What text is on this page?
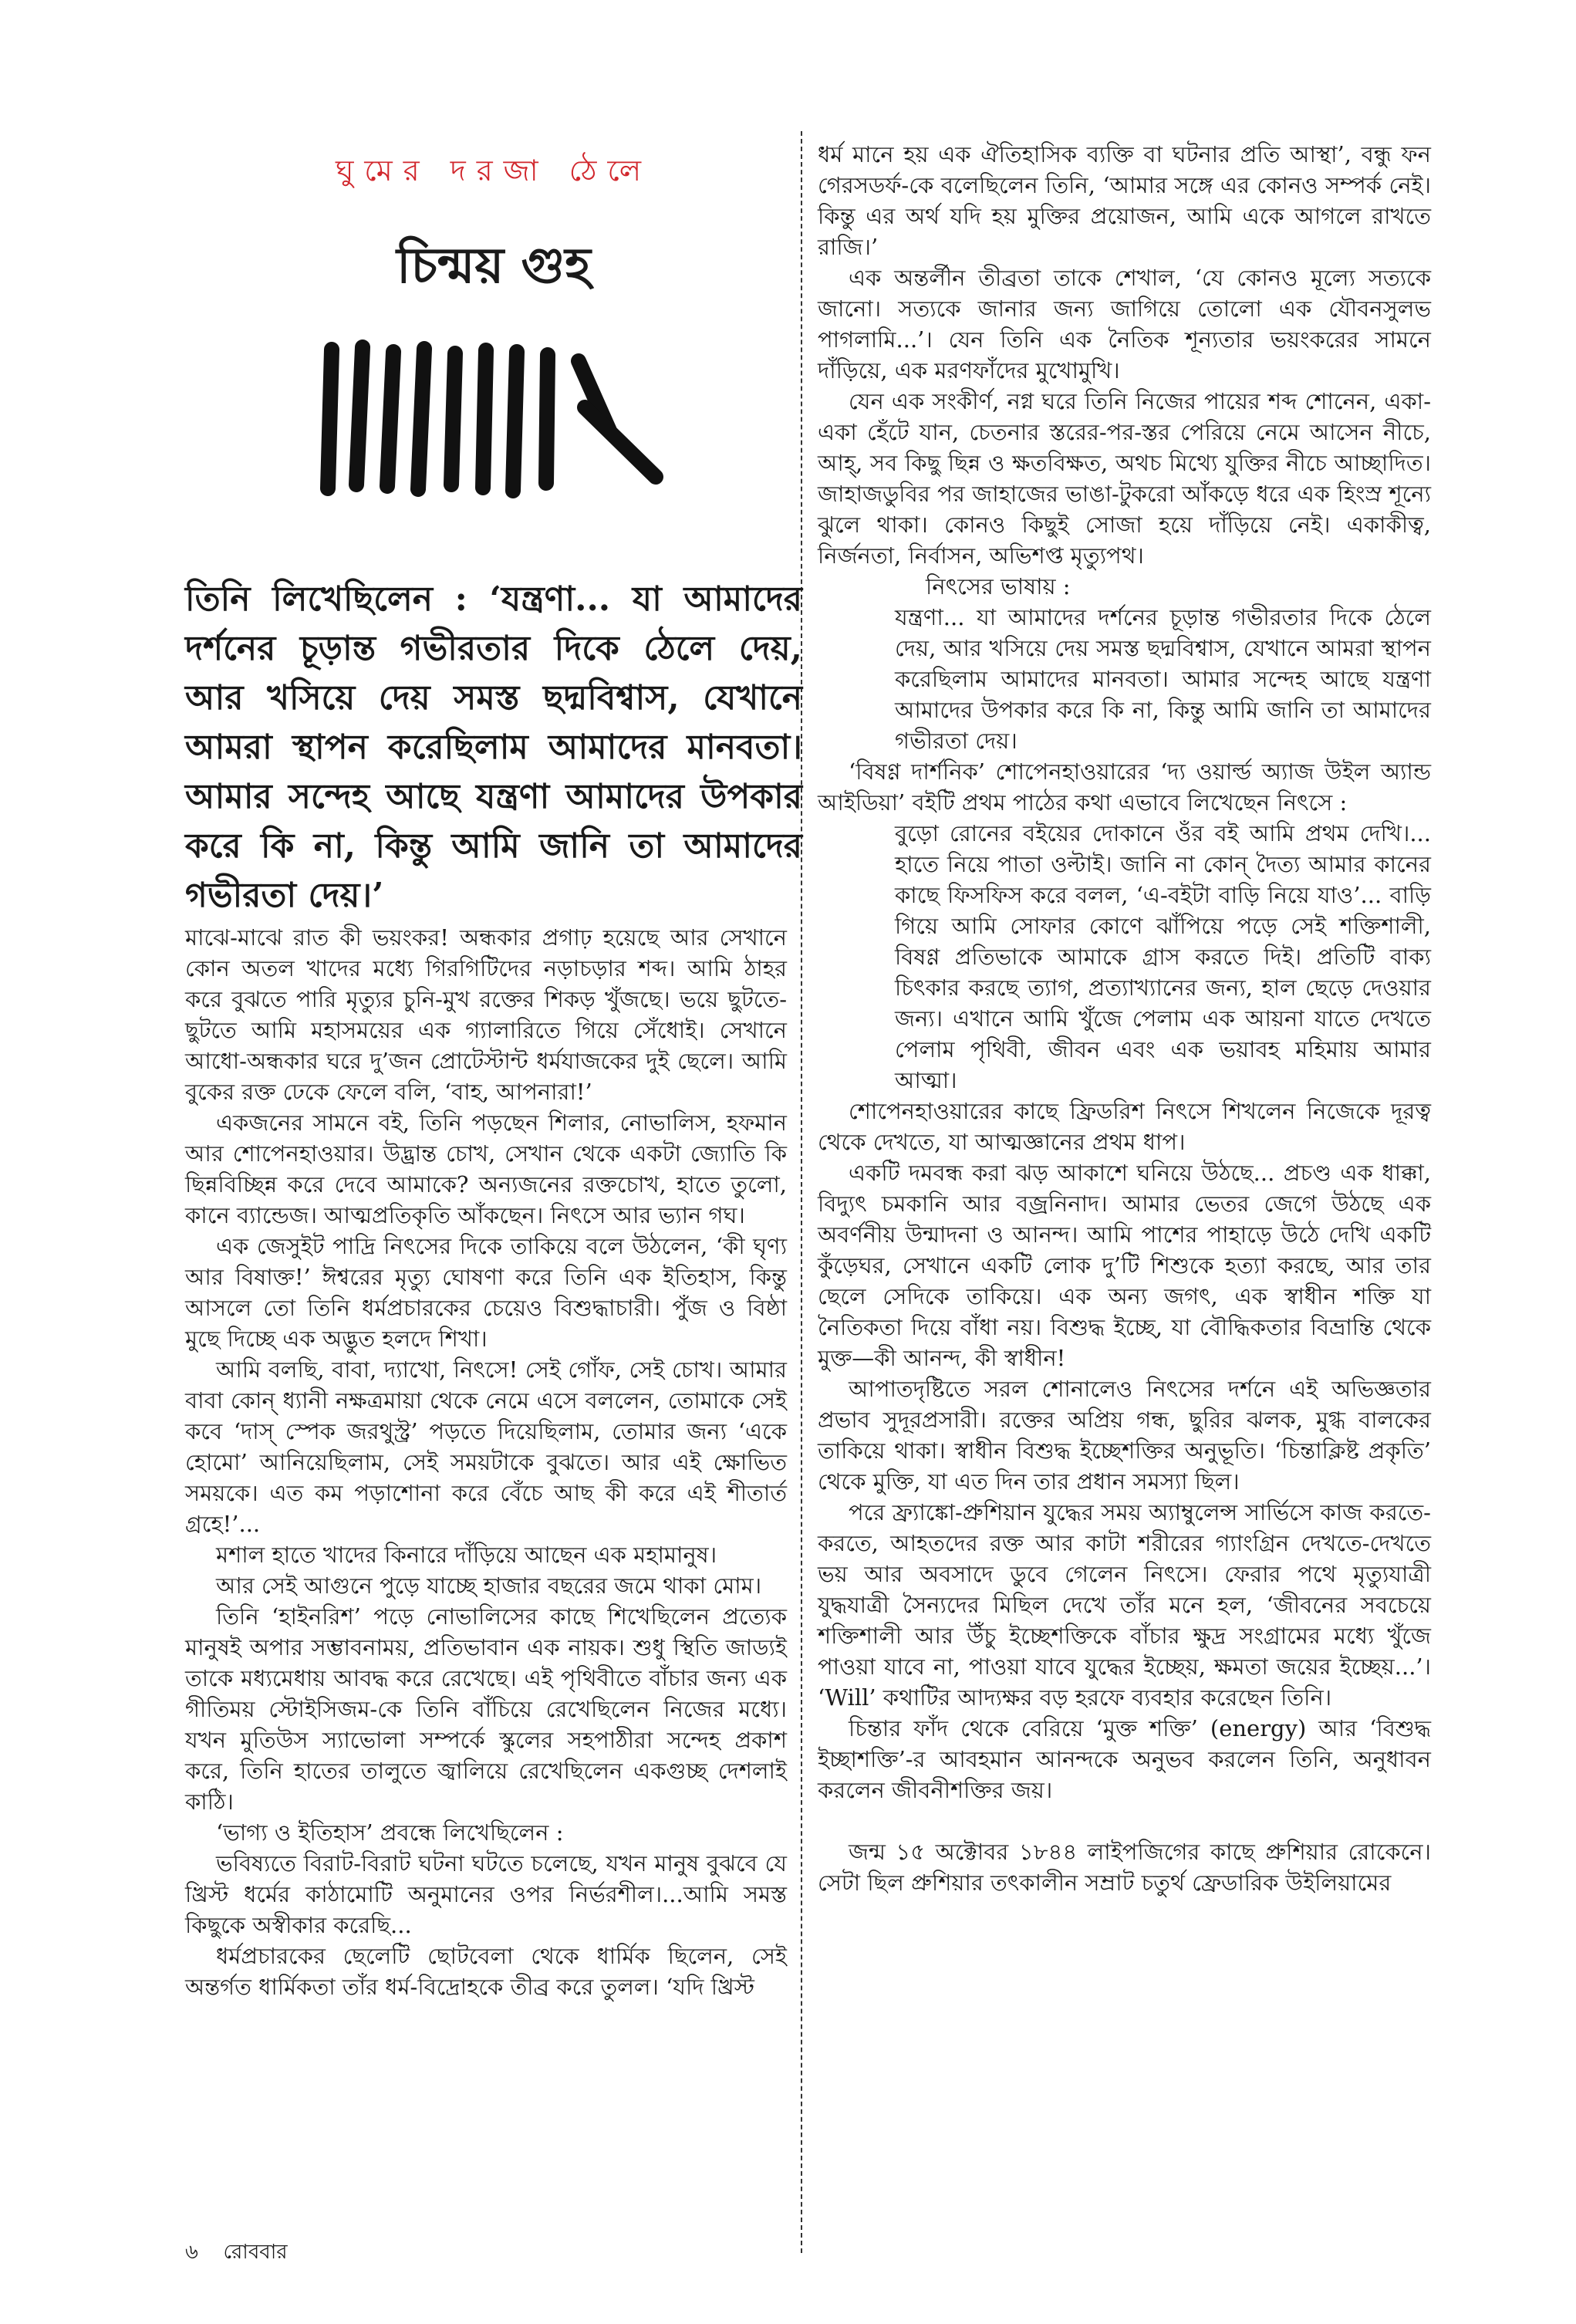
ঘুমের দরজা ঠেলে
চিন্ময় গুহ
তিনি লিখেছিলেন : ‘যন্ত্রণা... যা আমাদের দর্শনের চূড়ান্ত গভীরতার দিকে ঠেলে দেয়, আর খসিয়ে দেয় সমস্ত ছদ্মবিশ্বাস, যেখানে আমরা স্থাপন করেছিলাম আমাদের মানবতা। আমার সন্দেহ আছে যন্ত্রণা আমাদের উপকার করে কি না, কিন্তু আমি জানি তা আমাদের গভীরতা দেয়।’

মাঝে-মাঝে রাত কী ভয়ংকর! অন্ধকার প্রগাঢ় হয়েছে আর সেখানে কোন অতল খাদের মধ্যে গিরগিটিদের নড়াচড়ার শব্দ। আমি ঠাহর করে বুঝতে পারি মৃত্যুর চুনি-মুখ রক্তের শিকড় খুঁজছে। ভয়ে ছুটতে-ছুটতে আমি মহাসময়ের এক গ্যালারিতে গিয়ে সেঁধোই। সেখানে আধো-অন্ধকার ঘরে দু’জন প্রোটেস্টান্ট ধর্মযাজকের দুই ছেলে। আমি বুকের রক্ত ঢেকে ফেলে বলি, ‘বাহ, আপনারা!’

একজনের সামনে বই, তিনি পড়ছেন শিলার, নোভালিস, হফমান আর শোপেনহাওয়ার। উদ্ভ্রান্ত চোখ, সেখান থেকে একটা জ্যোতি কি ছিন্নবিচ্ছিন্ন করে দেবে আমাকে? অন্যজনের রক্তচোখ, হাতে তুলো, কানে ব্যান্ডেজ। আত্মপ্রতিকৃতি আঁকছেন। নিৎসে আর ভ্যান গঘ।

এক জেসুইট পাদ্রি নিৎসের দিকে তাকিয়ে বলে উঠলেন, ‘কী ঘৃণ্য আর বিষাক্ত!’ ঈশ্বরের মৃত্যু ঘোষণা করে তিনি এক ইতিহাস, কিন্তু আসলে তো তিনি ধর্মপ্রচারকের চেয়েও বিশুদ্ধাচারী। পুঁজ ও বিষ্ঠা মুছে দিচ্ছে এক অদ্ভুত হলদে শিখা।

আমি বলছি, বাবা, দ্যাখো, নিৎসে! সেই গোঁফ, সেই চোখ। আমার বাবা কোন্ ধ্যানী নক্ষত্রমায়া থেকে নেমে এসে বললেন, তোমাকে সেই কবে ‘দাস্ স্পেক জরথুস্ট্র’ পড়তে দিয়েছিলাম, তোমার জন্য ‘একে হোমো’ আনিয়েছিলাম, সেই সময়টাকে বুঝতে। আর এই ক্ষোভিত সময়কে। এত কম পড়াশোনা করে বেঁচে আছ কী করে এই শীতার্ত গ্রহে!’...

মশাল হাতে খাদের কিনারে দাঁড়িয়ে আছেন এক মহামানুষ।

আর সেই আগুনে পুড়ে যাচ্ছে হাজার বছরের জমে থাকা মোম।

তিনি ‘হাইনরিশ’ পড়ে নোভালিসের কাছে শিখেছিলেন প্রত্যেক মানুষই অপার সম্ভাবনাময়, প্রতিভাবান এক নায়ক। শুধু স্থিতি জাড্যই তাকে মধ্যমেধায় আবদ্ধ করে রেখেছে। এই পৃথিবীতে বাঁচার জন্য এক গীতিময় স্টোইসিজম-কে তিনি বাঁচিয়ে রেখেছিলেন নিজের মধ্যে। যখন মুতিউস স্যাভোলা সম্পর্কে স্কুলের সহপাঠীরা সন্দেহ প্রকাশ করে, তিনি হাতের তালুতে জ্বালিয়ে রেখেছিলেন একগুচ্ছ দেশলাই কাঠি।

‘ভাগ্য ও ইতিহাস’ প্রবন্ধে লিখেছিলেন :

ভবিষ্যতে বিরাট-বিরাট ঘটনা ঘটতে চলেছে, যখন মানুষ বুঝবে যে খ্রিস্ট ধর্মের কাঠামোটি অনুমানের ওপর নির্ভরশীল।...আমি সমস্ত কিছুকে অস্বীকার করেছি...

ধর্মপ্রচারকের ছেলেটি ছোটবেলা থেকে ধার্মিক ছিলেন, সেই অন্তর্গত ধার্মিকতা তাঁর ধর্ম-বিদ্রোহকে তীব্র করে তুলল। ‘যদি খ্রিস্ট

ধর্ম মানে হয় এক ঐতিহাসিক ব্যক্তি বা ঘটনার প্রতি আস্থা’, বন্ধু ফন গেরসডর্ফ-কে বলেছিলেন তিনি, ‘আমার সঙ্গে এর কোনও সম্পর্ক নেই। কিন্তু এর অর্থ যদি হয় মুক্তির প্রয়োজন, আমি একে আগলে রাখতে রাজি।’

এক অন্তর্লীন তীব্রতা তাকে শেখাল, ‘যে কোনও মূল্যে সত্যকে জানো। সত্যকে জানার জন্য জাগিয়ে তোলো এক যৌবনসুলভ পাগলামি...’। যেন তিনি এক নৈতিক শূন্যতার ভয়ংকরের সামনে দাঁড়িয়ে, এক মরণফাঁদের মুখোমুখি।

যেন এক সংকীর্ণ, নগ্ন ঘরে তিনি নিজের পায়ের শব্দ শোনেন, একা-একা হেঁটে যান, চেতনার স্তরের-পর-স্তর পেরিয়ে নেমে আসেন নীচে, আহ্, সব কিছু ছিন্ন ও ক্ষতবিক্ষত, অথচ মিথ্যে যুক্তির নীচে আচ্ছাদিত। জাহাজডুবির পর জাহাজের ভাঙা-টুকরো আঁকড়ে ধরে এক হিংস্র শূন্যে ঝুলে থাকা। কোনও কিছুই সোজা হয়ে দাঁড়িয়ে নেই। একাকীত্ব, নির্জনতা, নির্বাসন, অভিশপ্ত মৃত্যুপথ।

নিৎসের ভাষায় :

যন্ত্রণা... যা আমাদের দর্শনের চূড়ান্ত গভীরতার দিকে ঠেলে দেয়, আর খসিয়ে দেয় সমস্ত ছদ্মবিশ্বাস, যেখানে আমরা স্থাপন করেছিলাম আমাদের মানবতা। আমার সন্দেহ আছে যন্ত্রণা আমাদের উপকার করে কি না, কিন্তু আমি জানি তা আমাদের গভীরতা দেয়।

‘বিষণ্ণ দার্শনিক’ শোপেনহাওয়ারের ‘দ্য ওয়ার্ল্ড অ্যাজ উইল অ্যান্ড আইডিয়া’ বইটি প্রথম পাঠের কথা এভাবে লিখেছেন নিৎসে :

বুড়ো রোনের বইয়ের দোকানে ওঁর বই আমি প্রথম দেখি।... হাতে নিয়ে পাতা ওল্টাই। জানি না কোন্ দৈত্য আমার কানের কাছে ফিসফিস করে বলল, ‘এ-বইটা বাড়ি নিয়ে যাও’... বাড়ি গিয়ে আমি সোফার কোণে ঝাঁপিয়ে পড়ে সেই শক্তিশালী, বিষণ্ণ প্রতিভাকে আমাকে গ্রাস করতে দিই। প্রতিটি বাক্য চিৎকার করছে ত্যাগ, প্রত্যাখ্যানের জন্য, হাল ছেড়ে দেওয়ার জন্য। এখানে আমি খুঁজে পেলাম এক আয়না যাতে দেখতে পেলাম পৃথিবী, জীবন এবং এক ভয়াবহ মহিমায় আমার আত্মা।

শোপেনহাওয়ারের কাছে ফ্রিডরিশ নিৎসে শিখলেন নিজেকে দূরত্ব থেকে দেখতে, যা আত্মজ্ঞানের প্রথম ধাপ।

একটি দমবন্ধ করা ঝড় আকাশে ঘনিয়ে উঠছে... প্রচণ্ড এক ধাক্কা, বিদ্যুৎ চমকানি আর বজ্রনিনাদ। আমার ভেতর জেগে উঠছে এক অবর্ণনীয় উন্মাদনা ও আনন্দ। আমি পাশের পাহাড়ে উঠে দেখি একটি কুঁড়েঘর, সেখানে একটি লোক দু’টি শিশুকে হত্যা করছে, আর তার ছেলে সেদিকে তাকিয়ে। এক অন্য জগৎ, এক স্বাধীন শক্তি যা নৈতিকতা দিয়ে বাঁধা নয়। বিশুদ্ধ ইচ্ছে, যা বৌদ্ধিকতার বিভ্রান্তি থেকে মুক্ত—কী আনন্দ, কী স্বাধীন!

আপাতদৃষ্টিতে সরল শোনালেও নিৎসের দর্শনে এই অভিজ্ঞতার প্রভাব সুদূরপ্রসারী। রক্তের অপ্রিয় গন্ধ, ছুরির ঝলক, মুগ্ধ বালকের তাকিয়ে থাকা। স্বাধীন বিশুদ্ধ ইচ্ছেশক্তির অনুভূতি। ‘চিন্তাক্লিষ্ট প্রকৃতি’ থেকে মুক্তি, যা এত দিন তার প্রধান সমস্যা ছিল।

পরে ফ্র্যাঙ্কো-প্রুশিয়ান যুদ্ধের সময় অ্যাম্বুলেন্স সার্ভিসে কাজ করতে-করতে, আহতদের রক্ত আর কাটা শরীরের গ্যাংগ্রিন দেখতে-দেখতে ভয় আর অবসাদে ডুবে গেলেন নিৎসে। ফেরার পথে মৃত্যুযাত্রী যুদ্ধযাত্রী সৈন্যদের মিছিল দেখে তাঁর মনে হল, ‘জীবনের সবচেয়ে শক্তিশালী আর উঁচু ইচ্ছেশক্তিকে বাঁচার ক্ষুদ্র সংগ্রামের মধ্যে খুঁজে পাওয়া যাবে না, পাওয়া যাবে যুদ্ধের ইচ্ছেয়, ক্ষমতা জয়ের ইচ্ছেয়...’। ‘Will’ কথাটির আদ্যক্ষর বড় হরফে ব্যবহার করেছেন তিনি।

চিন্তার ফাঁদ থেকে বেরিয়ে ‘মুক্ত শক্তি’ (energy) আর ‘বিশুদ্ধ ইচ্ছাশক্তি’-র আবহমান আনন্দকে অনুভব করলেন তিনি, অনুধাবন করলেন জীবনীশক্তির জয়।

জন্ম ১৫ অক্টোবর ১৮৪৪ লাইপজিগের কাছে প্রুশিয়ার রোকেনে। সেটা ছিল প্রুশিয়ার তৎকালীন সম্রাট চতুর্থ ফ্রেডারিক উইলিয়ামের

৬ রোববার
